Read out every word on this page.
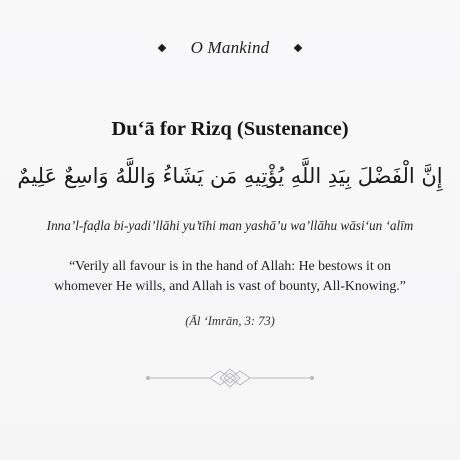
O Mankind
Du‘ā for Rizq (Sustenance)
إِنَّ الْفَضْلَ بِيَدِ اللَّهِ يُؤْتِيهِ مَن يَشَاءُ وَاللَّهُ وَاسِعٌ عَلِيمٌ
Inna’l-faḍla bi-yadi’llāhi yu’tīhi man yashā’u wa’llāhu wāsi‘un ‘alīm
“Verily all favour is in the hand of Allah: He bestows it on
whomever He wills, and Allah is vast of bounty, All-Knowing.”
(Āl ‘Imrān, 3: 73)
